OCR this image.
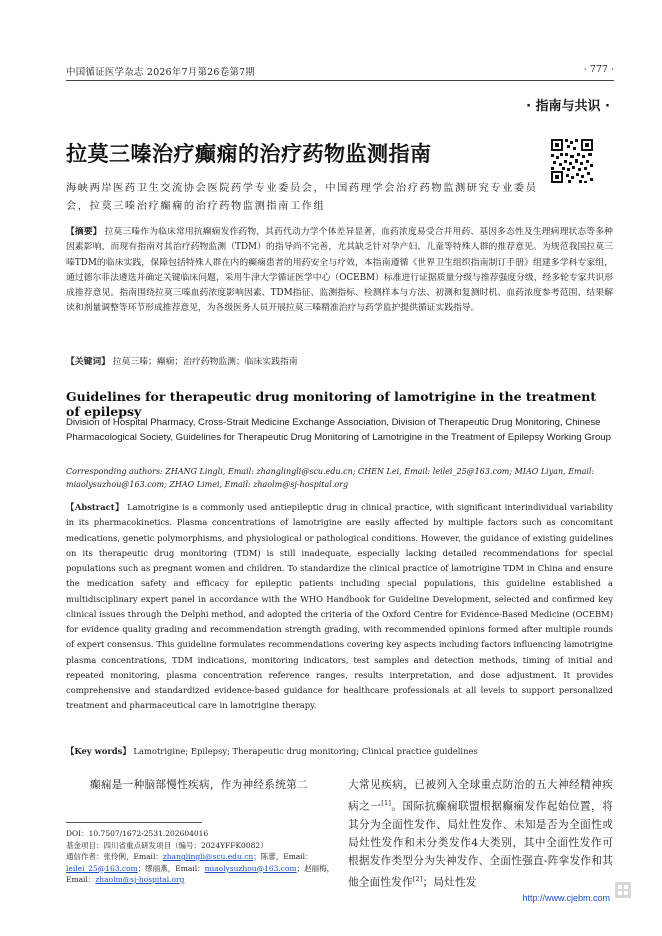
中国循证医学杂志 2026年7月第26卷第7期	· 777 ·
· 指南与共识 ·
拉莫三嗪治疗癫痫的治疗药物监测指南
海峡两岸医药卫生交流协会医院药学专业委员会，中国药理学会治疗药物监测研究专业委员会，拉莫三嗪治疗癫痫的治疗药物监测指南工作组
【摘要】 拉莫三嗪作为临床常用抗癫痫发作药物，其药代动力学个体差异显著，血药浓度易受合并用药、基因多态性及生理病理状态等多种因素影响，而现有指南对其治疗药物监测（TDM）的指导尚不完善，尤其缺乏针对孕产妇、儿童等特殊人群的推荐意见。为规范我国拉莫三嗪TDM的临床实践，保障包括特殊人群在内的癫痫患者的用药安全与疗效，本指南遵循《世界卫生组织指南制订手册》组建多学科专家组，通过德尔菲法遴选并确定关键临床问题，采用牛津大学循证医学中心（OCEBM）标准进行证据质量分级与推荐强度分级，经多轮专家共识形成推荐意见。指南围绕拉莫三嗪血药浓度影响因素、TDM指征、监测指标、检测样本与方法、初测和复测时机、血药浓度参考范围、结果解读和剂量调整等环节形成推荐意见，为各级医务人员开展拉莫三嗪精准治疗与药学监护提供循证实践指导。
【关键词】 拉莫三嗪；癫痫；治疗药物监测；临床实践指南
Guidelines for therapeutic drug monitoring of lamotrigine in the treatment of epilepsy
Division of Hospital Pharmacy, Cross-Strait Medicine Exchange Association, Division of Therapeutic Drug Monitoring, Chinese Pharmacological Society, Guidelines for Therapeutic Drug Monitoring of Lamotrigine in the Treatment of Epilepsy Working Group
Corresponding authors: ZHANG Lingli, Email: zhanglingli@scu.edu.cn; CHEN Lei, Email: leilei_25@163.com; MIAO Liyan, Email: miaolysuzhou@163.com; ZHAO Limei, Email: zhaolm@sj-hospital.org
【Abstract】 Lamotrigine is a commonly used antiepileptic drug in clinical practice, with significant interindividual variability in its pharmacokinetics. Plasma concentrations of lamotrigine are easily affected by multiple factors such as concomitant medications, genetic polymorphisms, and physiological or pathological conditions. However, the guidance of existing guidelines on its therapeutic drug monitoring (TDM) is still inadequate, especially lacking detailed recommendations for special populations such as pregnant women and children. To standardize the clinical practice of lamotrigine TDM in China and ensure the medication safety and efficacy for epileptic patients including special populations, this guideline established a multidisciplinary expert panel in accordance with the WHO Handbook for Guideline Development, selected and confirmed key clinical issues through the Delphi method, and adopted the criteria of the Oxford Centre for Evidence-Based Medicine (OCEBM) for evidence quality grading and recommendation strength grading, with recommended opinions formed after multiple rounds of expert consensus. This guideline formulates recommendations covering key aspects including factors influencing lamotrigine plasma concentrations, TDM indications, monitoring indicators, test samples and detection methods, timing of initial and repeated monitoring, plasma concentration reference ranges, results interpretation, and dose adjustment. It provides comprehensive and standardized evidence-based guidance for healthcare professionals at all levels to support personalized treatment and pharmaceutical care in lamotrigine therapy.
【Key words】 Lamotrigine; Epilepsy; Therapeutic drug monitoring; Clinical practice guidelines
癫痫是一种脑部慢性疾病，作为神经系统第二
DOI：10.7507/1672-2531.202604016
基金项目：四川省重点研发项目（编号：2024YFFK0082）
通信作者：张伶俐，Email：zhanglingli@scu.edu.cn；陈蕾，Email：leilei_25@163.com；缪丽燕，Email：miaolysuzhou@163.com；赵丽梅，Email：zhaolm@sj-hospital.org
大常见疾病，已被列入全球重点防治的五大神经精神疾病之一[1]。国际抗癫痫联盟根据癫痫发作起始位置，将其分为全面性发作、局灶性发作、未知是否为全面性或局灶性发作和未分类发作4大类别，其中全面性发作可根据发作类型分为失神发作、全面性强直-阵挛发作和其他全面性发作[2]；局灶性发
http://www.cjebm.com
